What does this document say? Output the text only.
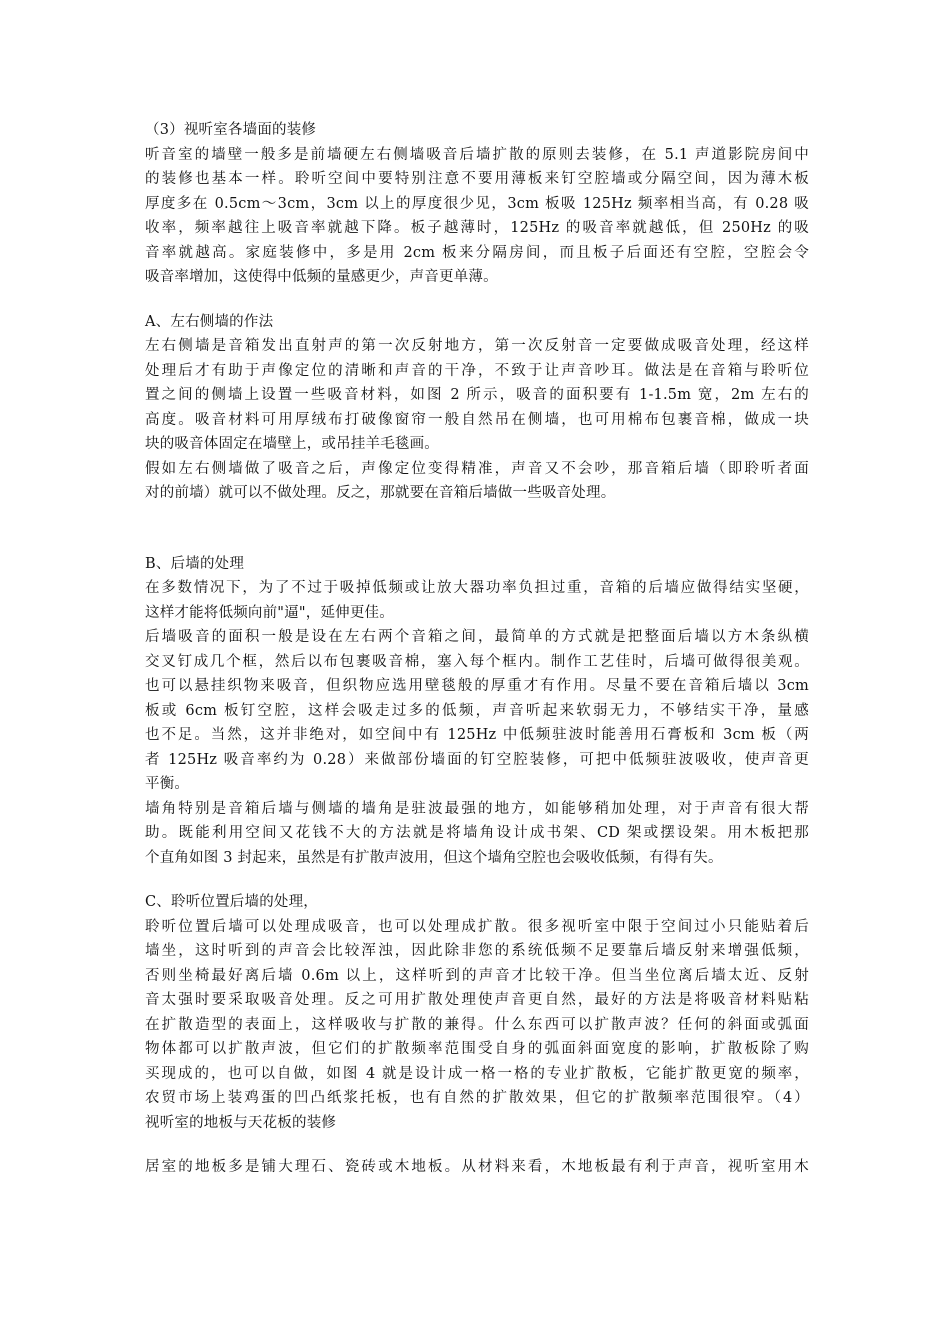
（3）视听室各墙面的装修
听音室的墙壁一般多是前墙硬左右侧墙吸音后墙扩散的原则去装修，在 5.1 声道影院房间中
的装修也基本一样。聆听空间中要特别注意不要用薄板来钉空腔墙或分隔空间，因为薄木板
厚度多在 0.5cm～3cm，3cm 以上的厚度很少见，3cm 板吸 125Hz 频率相当高，有 0.28 吸
收率，频率越往上吸音率就越下降。板子越薄时，125Hz 的吸音率就越低，但 250Hz 的吸
音率就越高。家庭装修中，多是用 2cm 板来分隔房间，而且板子后面还有空腔，空腔会令
吸音率增加，这使得中低频的量感更少，声音更单薄。
A、左右侧墙的作法
左右侧墙是音箱发出直射声的第一次反射地方，第一次反射音一定要做成吸音处理，经这样
处理后才有助于声像定位的清晰和声音的干净，不致于让声音吵耳。做法是在音箱与聆听位
置之间的侧墙上设置一些吸音材料，如图 2 所示，吸音的面积要有 1-1.5m 宽，2m 左右的
高度。吸音材料可用厚绒布打破像窗帘一般自然吊在侧墙，也可用棉布包裹音棉，做成一块
块的吸音体固定在墙壁上，或吊挂羊毛毯画。
假如左右侧墙做了吸音之后，声像定位变得精准，声音又不会吵，那音箱后墙（即聆听者面
对的前墙）就可以不做处理。反之，那就要在音箱后墙做一些吸音处理。
B、后墙的处理
在多数情况下，为了不过于吸掉低频或让放大器功率负担过重，音箱的后墙应做得结实坚硬，
这样才能将低频向前"逼"，延伸更佳。
后墙吸音的面积一般是设在左右两个音箱之间，最简单的方式就是把整面后墙以方木条纵横
交叉钉成几个框，然后以布包裹吸音棉，塞入每个框内。制作工艺佳时，后墙可做得很美观。
也可以悬挂织物来吸音，但织物应选用壁毯般的厚重才有作用。尽量不要在音箱后墙以 3cm
板或 6cm 板钉空腔，这样会吸走过多的低频，声音听起来软弱无力，不够结实干净，量感
也不足。当然，这并非绝对，如空间中有 125Hz 中低频驻波时能善用石膏板和 3cm 板（两
者 125Hz 吸音率约为 0.28）来做部份墙面的钉空腔装修，可把中低频驻波吸收，使声音更
平衡。
墙角特别是音箱后墙与侧墙的墙角是驻波最强的地方，如能够稍加处理，对于声音有很大帮
助。既能利用空间又花钱不大的方法就是将墙角设计成书架、CD 架或摆设架。用木板把那
个直角如图 3 封起来，虽然是有扩散声波用，但这个墙角空腔也会吸收低频，有得有失。
C、聆听位置后墙的处理，
聆听位置后墙可以处理成吸音，也可以处理成扩散。很多视听室中限于空间过小只能贴着后
墙坐，这时听到的声音会比较浑浊，因此除非您的系统低频不足要靠后墙反射来增强低频，
否则坐椅最好离后墙 0.6m 以上，这样听到的声音才比较干净。但当坐位离后墙太近、反射
音太强时要采取吸音处理。反之可用扩散处理使声音更自然，最好的方法是将吸音材料贴粘
在扩散造型的表面上，这样吸收与扩散的兼得。什么东西可以扩散声波？任何的斜面或弧面
物体都可以扩散声波，但它们的扩散频率范围受自身的弧面斜面宽度的影响，扩散板除了购
买现成的，也可以自做，如图 4 就是设计成一格一格的专业扩散板，它能扩散更宽的频率，
农贸市场上装鸡蛋的凹凸纸浆托板，也有自然的扩散效果，但它的扩散频率范围很窄。（4）
视听室的地板与天花板的装修
居室的地板多是铺大理石、瓷砖或木地板。从材料来看，木地板最有利于声音，视听室用木
